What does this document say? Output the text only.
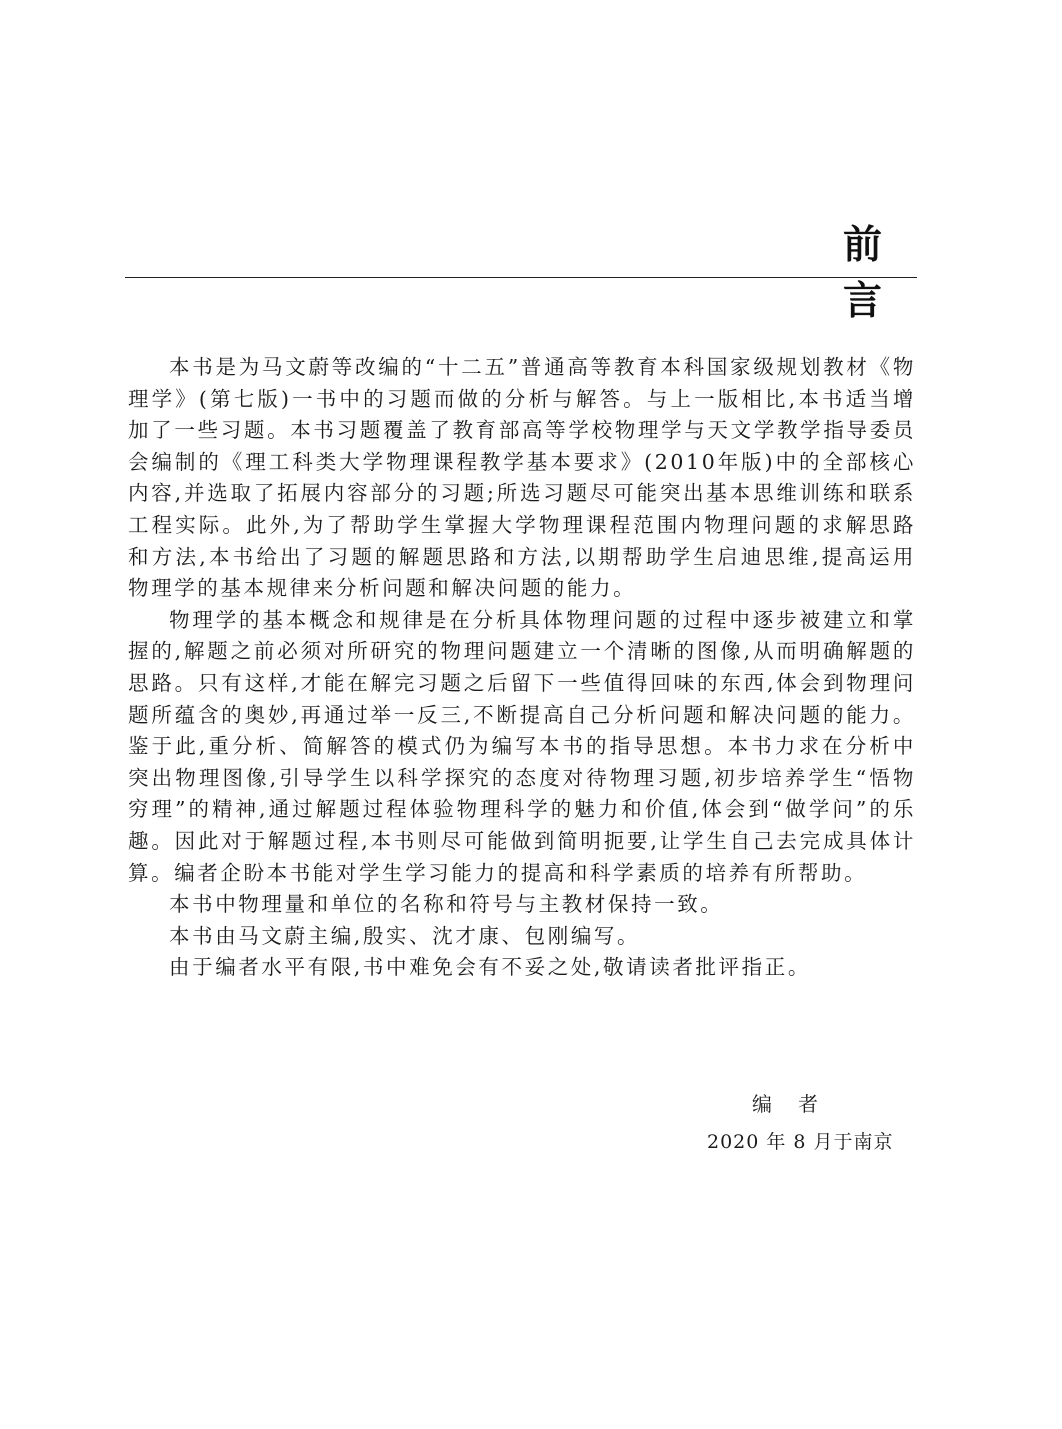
前言

本书是为马文蔚等改编的“十二五”普通高等教育本科国家级规划教材《物理学》(第七版)一书中的习题而做的分析与解答。与上一版相比,本书适当增加了一些习题。本书习题覆盖了教育部高等学校物理学与天文学教学指导委员会编制的《理工科类大学物理课程教学基本要求》(2010年版)中的全部核心内容,并选取了拓展内容部分的习题;所选习题尽可能突出基本思维训练和联系工程实际。此外,为了帮助学生掌握大学物理课程范围内物理问题的求解思路和方法,本书给出了习题的解题思路和方法,以期帮助学生启迪思维,提高运用物理学的基本规律来分析问题和解决问题的能力。

物理学的基本概念和规律是在分析具体物理问题的过程中逐步被建立和掌握的,解题之前必须对所研究的物理问题建立一个清晰的图像,从而明确解题的思路。只有这样,才能在解完习题之后留下一些值得回味的东西,体会到物理问题所蕴含的奥妙,再通过举一反三,不断提高自己分析问题和解决问题的能力。鉴于此,重分析、简解答的模式仍为编写本书的指导思想。本书力求在分析中突出物理图像,引导学生以科学探究的态度对待物理习题,初步培养学生“悟物穷理”的精神,通过解题过程体验物理科学的魅力和价值,体会到“做学问”的乐趣。因此对于解题过程,本书则尽可能做到简明扼要,让学生自己去完成具体计算。编者企盼本书能对学生学习能力的提高和科学素质的培养有所帮助。

本书中物理量和单位的名称和符号与主教材保持一致。

本书由马文蔚主编,殷实、沈才康、包刚编写。

由于编者水平有限,书中难免会有不妥之处,敬请读者批评指正。

编者
2020 年 8 月于南京
